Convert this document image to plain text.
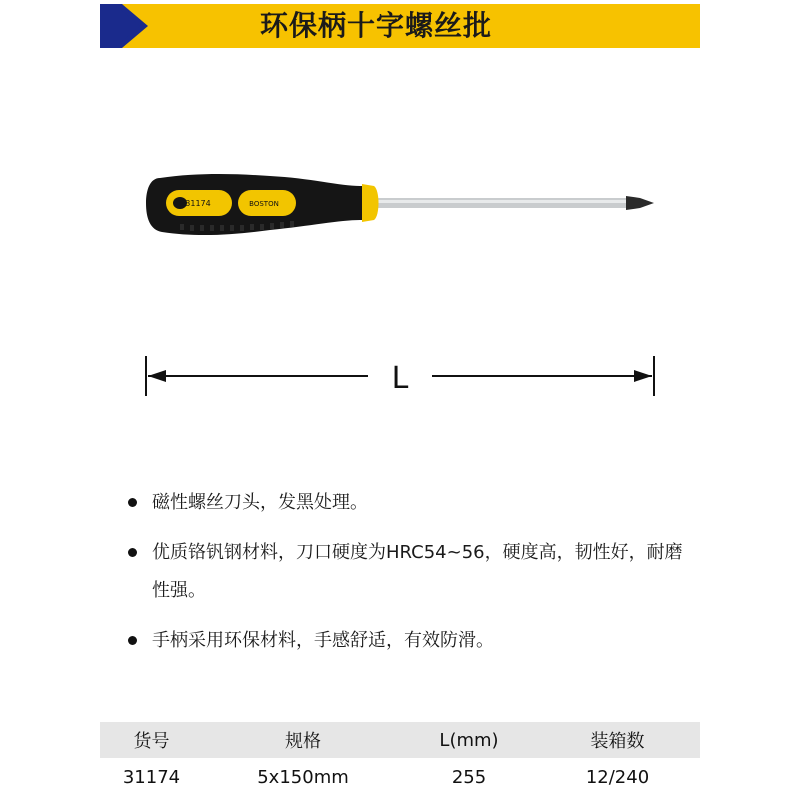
环保柄十字螺丝批
31174	BOSTON
L
磁性螺丝刀头，发黑处理。
优质铬钒钢材料，刀口硬度为HRC54~56，硬度高，韧性好，耐磨性强。
手柄采用环保材料，手感舒适，有效防滑。
货号	规格	L(mm)	装箱数
31174	5x150mm	255	12/240
